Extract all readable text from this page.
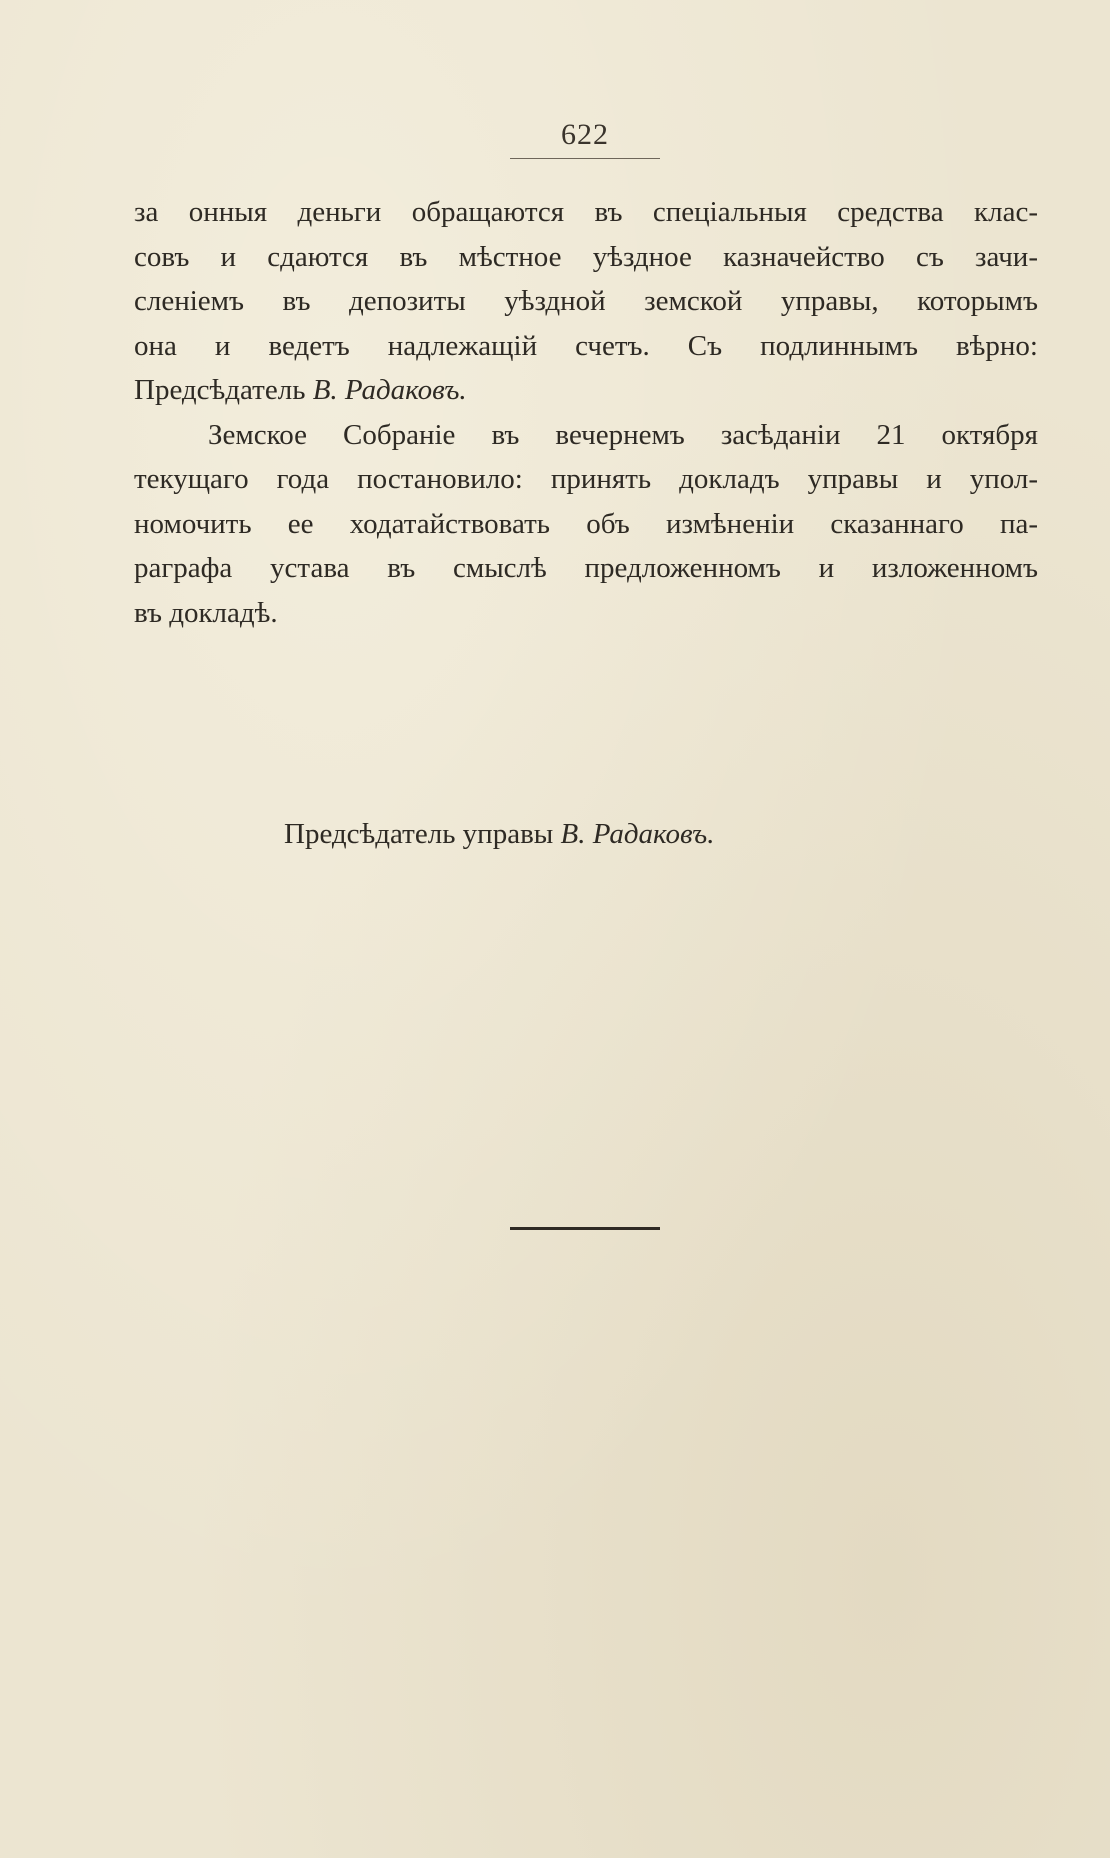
622
за онныя деньги обращаются въ спеціальныя средства клас-
совъ и сдаются въ мѣстное уѣздное казначейство съ зачи-
сленіемъ въ депозиты уѣздной земской управы, которымъ
она и ведетъ надлежащій счетъ. Съ подлиннымъ вѣрно:
Предсѣдатель В. Радаковъ.
Земское Собраніе въ вечернемъ засѣданіи 21 октября
текущаго года постановило: принять докладъ управы и упол-
номочить ее ходатайствовать объ измѣненіи сказаннаго па-
раграфа устава въ смыслѣ предложенномъ и изложенномъ
въ докладѣ.
Предсѣдатель управы В. Радаковъ.
